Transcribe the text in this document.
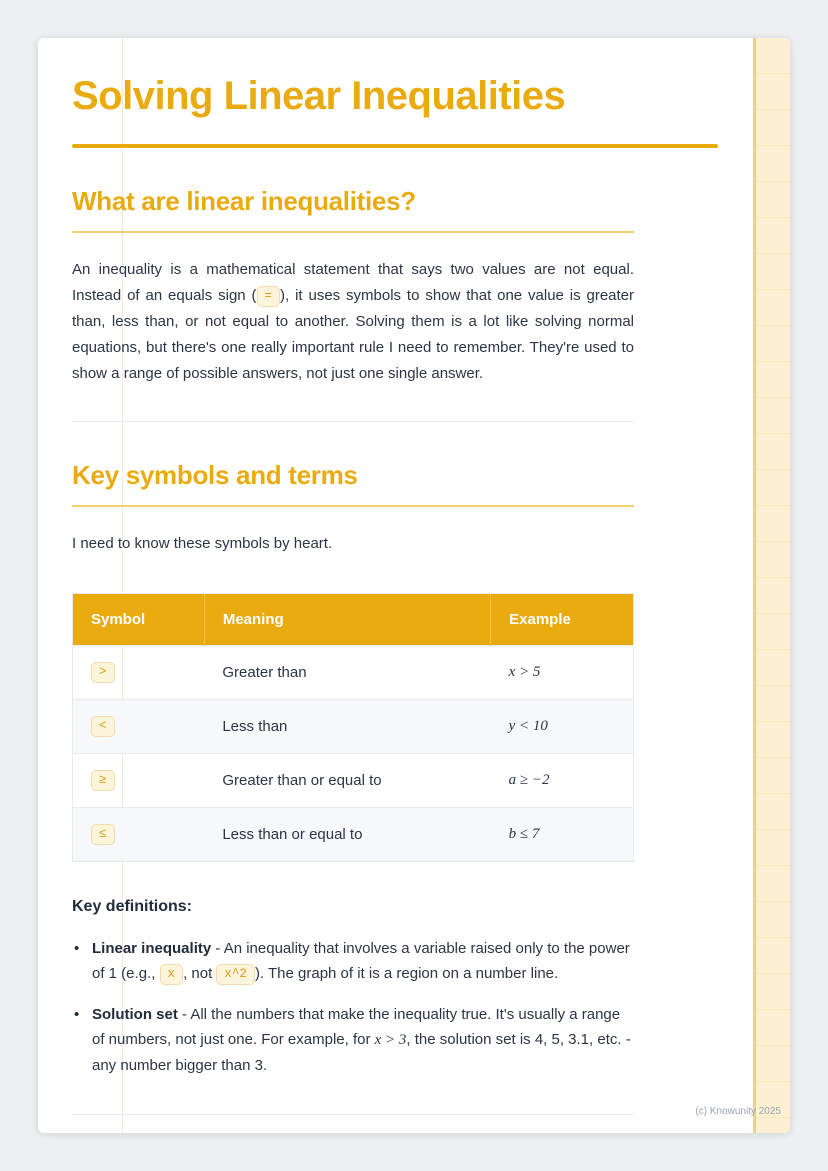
Solving Linear Inequalities
What are linear inequalities?

An inequality is a mathematical statement that says two values are not equal. Instead of an equals sign ( = ), it uses symbols to show that one value is greater than, less than, or not equal to another. Solving them is a lot like solving normal equations, but there's one really important rule I need to remember. They're used to show a range of possible answers, not just one single answer.

Key symbols and terms

I need to know these symbols by heart.

Symbol	Meaning	Example
>	Greater than	x > 5
<	Less than	y < 10
≥	Greater than or equal to	a ≥ −2
≤	Less than or equal to	b ≤ 7
Key definitions:
• Linear inequality - An inequality that involves a variable raised only to the power of 1 (e.g., x , not x^2 ). The graph of it is a region on a number line.
• Solution set - All the numbers that make the inequality true. It's usually a range of numbers, not just one. For example, for x > 3, the solution set is 4, 5, 3.1, etc. - any number bigger than 3.
(c) Knowunity 2025
